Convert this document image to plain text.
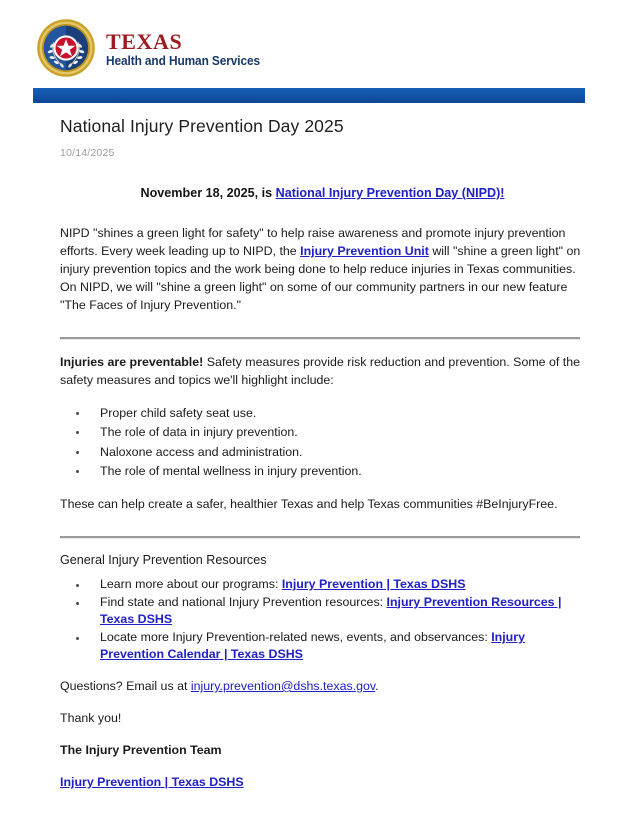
TEXAS
Health and Human Services
National Injury Prevention Day 2025
10/14/2025
November 18, 2025, is National Injury Prevention Day (NIPD)!

NIPD "shines a green light for safety" to help raise awareness and promote injury prevention efforts. Every week leading up to NIPD, the Injury Prevention Unit will "shine a green light" on injury prevention topics and the work being done to help reduce injuries in Texas communities. On NIPD, we will "shine a green light" on some of our community partners in our new feature "The Faces of Injury Prevention."

Injuries are preventable! Safety measures provide risk reduction and prevention. Some of the safety measures and topics we'll highlight include:

Proper child safety seat use.
The role of data in injury prevention.
Naloxone access and administration.
The role of mental wellness in injury prevention.

These can help create a safer, healthier Texas and help Texas communities #BeInjuryFree.

General Injury Prevention Resources
Learn more about our programs: Injury Prevention | Texas DSHS
Find state and national Injury Prevention resources: Injury Prevention Resources | Texas DSHS
Locate more Injury Prevention-related news, events, and observances: Injury Prevention Calendar | Texas DSHS

Questions? Email us at injury.prevention@dshs.texas.gov.

Thank you!

The Injury Prevention Team

Injury Prevention | Texas DSHS
